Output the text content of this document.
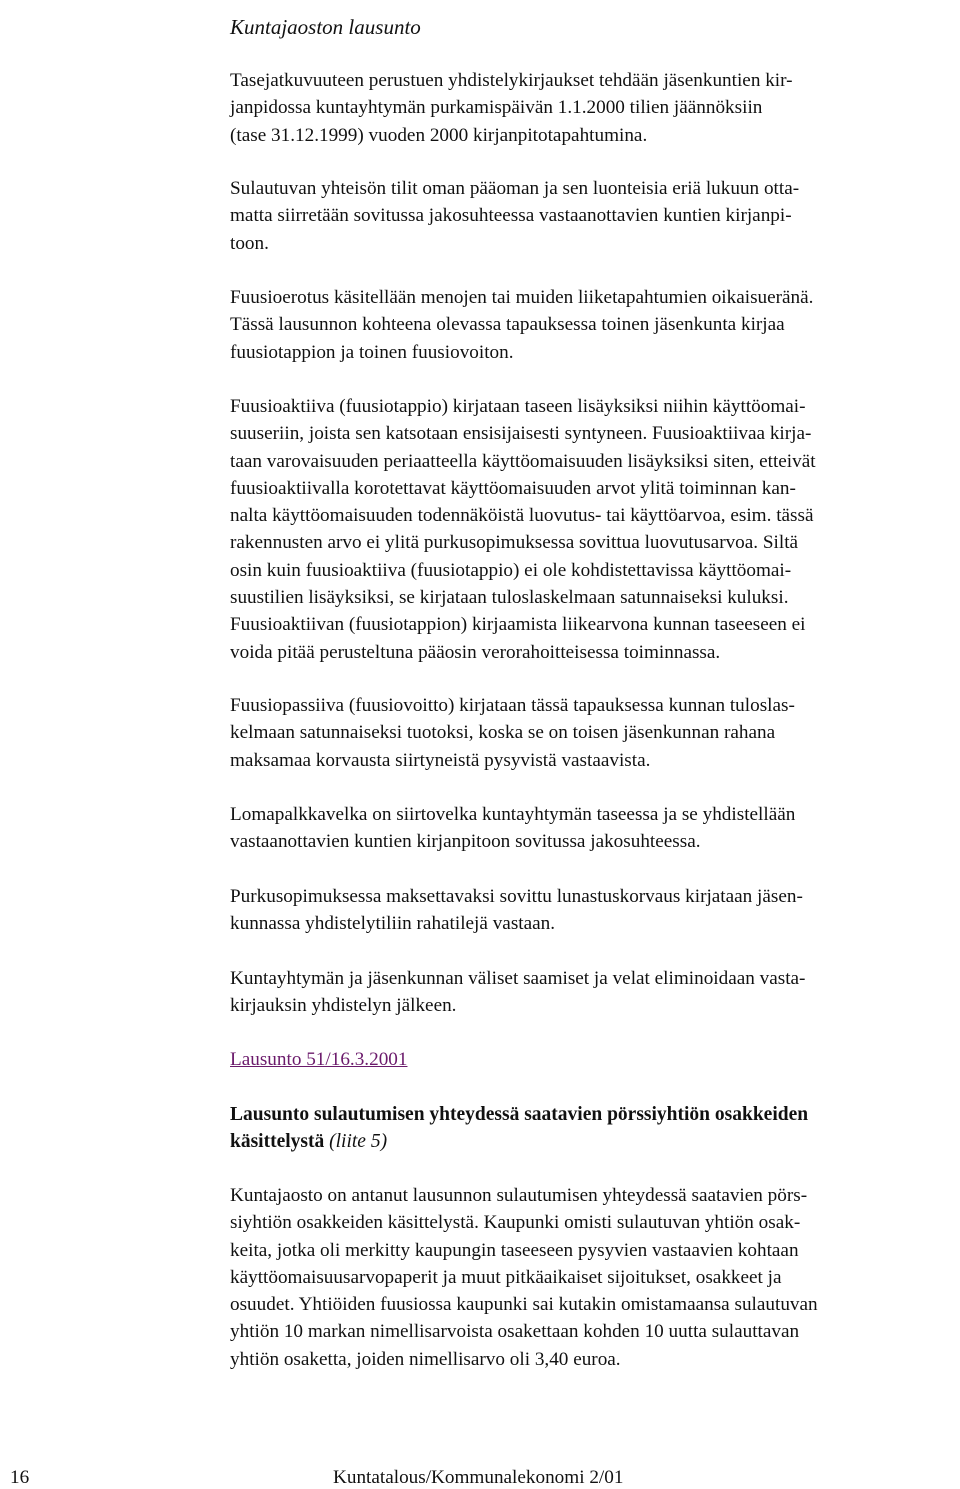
Kuntajaoston lausunto
Tasejatkuvuuteen perustuen yhdistelykirjaukset tehdään jäsenkuntien kir-
janpidossa kuntayhtymän purkamispäivän 1.1.2000 tilien jäännöksiin
(tase 31.12.1999) vuoden 2000 kirjanpitotapahtumina.
Sulautuvan yhteisön tilit oman pääoman ja sen luonteisia eriä lukuun otta-
matta siirretään sovitussa jakosuhteessa vastaanottavien kuntien kirjanpi-
toon.
Fuusioerotus käsitellään menojen tai muiden liiketapahtumien oikaisueränä.
Tässä lausunnon kohteena olevassa tapauksessa toinen jäsenkunta kirjaa
fuusiotappion ja toinen fuusiovoiton.
Fuusioaktiiva (fuusiotappio) kirjataan taseen lisäyksiksi niihin käyttöomai-
suuseriin, joista sen katsotaan ensisijaisesti syntyneen. Fuusioaktiivaa kirja-
taan varovaisuuden periaatteella käyttöomaisuuden lisäyksiksi siten, etteivät
fuusioaktiivalla korotettavat käyttöomaisuuden arvot ylitä toiminnan kan-
nalta käyttöomaisuuden todennäköistä luovutus- tai käyttöarvoa, esim. tässä
rakennusten arvo ei ylitä purkusopimuksessa sovittua luovutusarvoa. Siltä
osin kuin fuusioaktiiva (fuusiotappio) ei ole kohdistettavissa käyttöomai-
suustilien lisäyksiksi, se kirjataan tuloslaskelmaan satunnaiseksi kuluksi.
Fuusioaktiivan (fuusiotappion) kirjaamista liikearvona kunnan taseeseen ei
voida pitää perusteltuna pääosin verorahoitteisessa toiminnassa.
Fuusiopassiiva (fuusiovoitto) kirjataan tässä tapauksessa kunnan tuloslas-
kelmaan satunnaiseksi tuotoksi, koska se on toisen jäsenkunnan rahana
maksamaa korvausta siirtyneistä pysyvistä vastaavista.
Lomapalkkavelka on siirtovelka kuntayhtymän taseessa ja se yhdistellään
vastaanottavien kuntien kirjanpitoon sovitussa jakosuhteessa.
Purkusopimuksessa maksettavaksi sovittu lunastuskorvaus kirjataan jäsen-
kunnassa yhdistelytiliin rahatilejä vastaan.
Kuntayhtymän ja jäsenkunnan väliset saamiset ja velat eliminoidaan vasta-
kirjauksin yhdistelyn jälkeen.
Lausunto 51/16.3.2001
Lausunto sulautumisen yhteydessä saatavien pörssiyhtiön osakkeiden
käsittelystä (liite 5)
Kuntajaosto on antanut lausunnon sulautumisen yhteydessä saatavien pörs-
siyhtiön osakkeiden käsittelystä. Kaupunki omisti sulautuvan yhtiön osak-
keita, jotka oli merkitty kaupungin taseeseen pysyvien vastaavien kohtaan
käyttöomaisuusarvopaperit ja muut pitkäaikaiset sijoitukset, osakkeet ja
osuudet. Yhtiöiden fuusiossa kaupunki sai kutakin omistamaansa sulautuvan
yhtiön 10 markan nimellisarvoista osakettaan kohden 10 uutta sulauttavan
yhtiön osaketta, joiden nimellisarvo oli 3,40 euroa.
16	Kuntatalous/Kommunalekonomi 2/01
